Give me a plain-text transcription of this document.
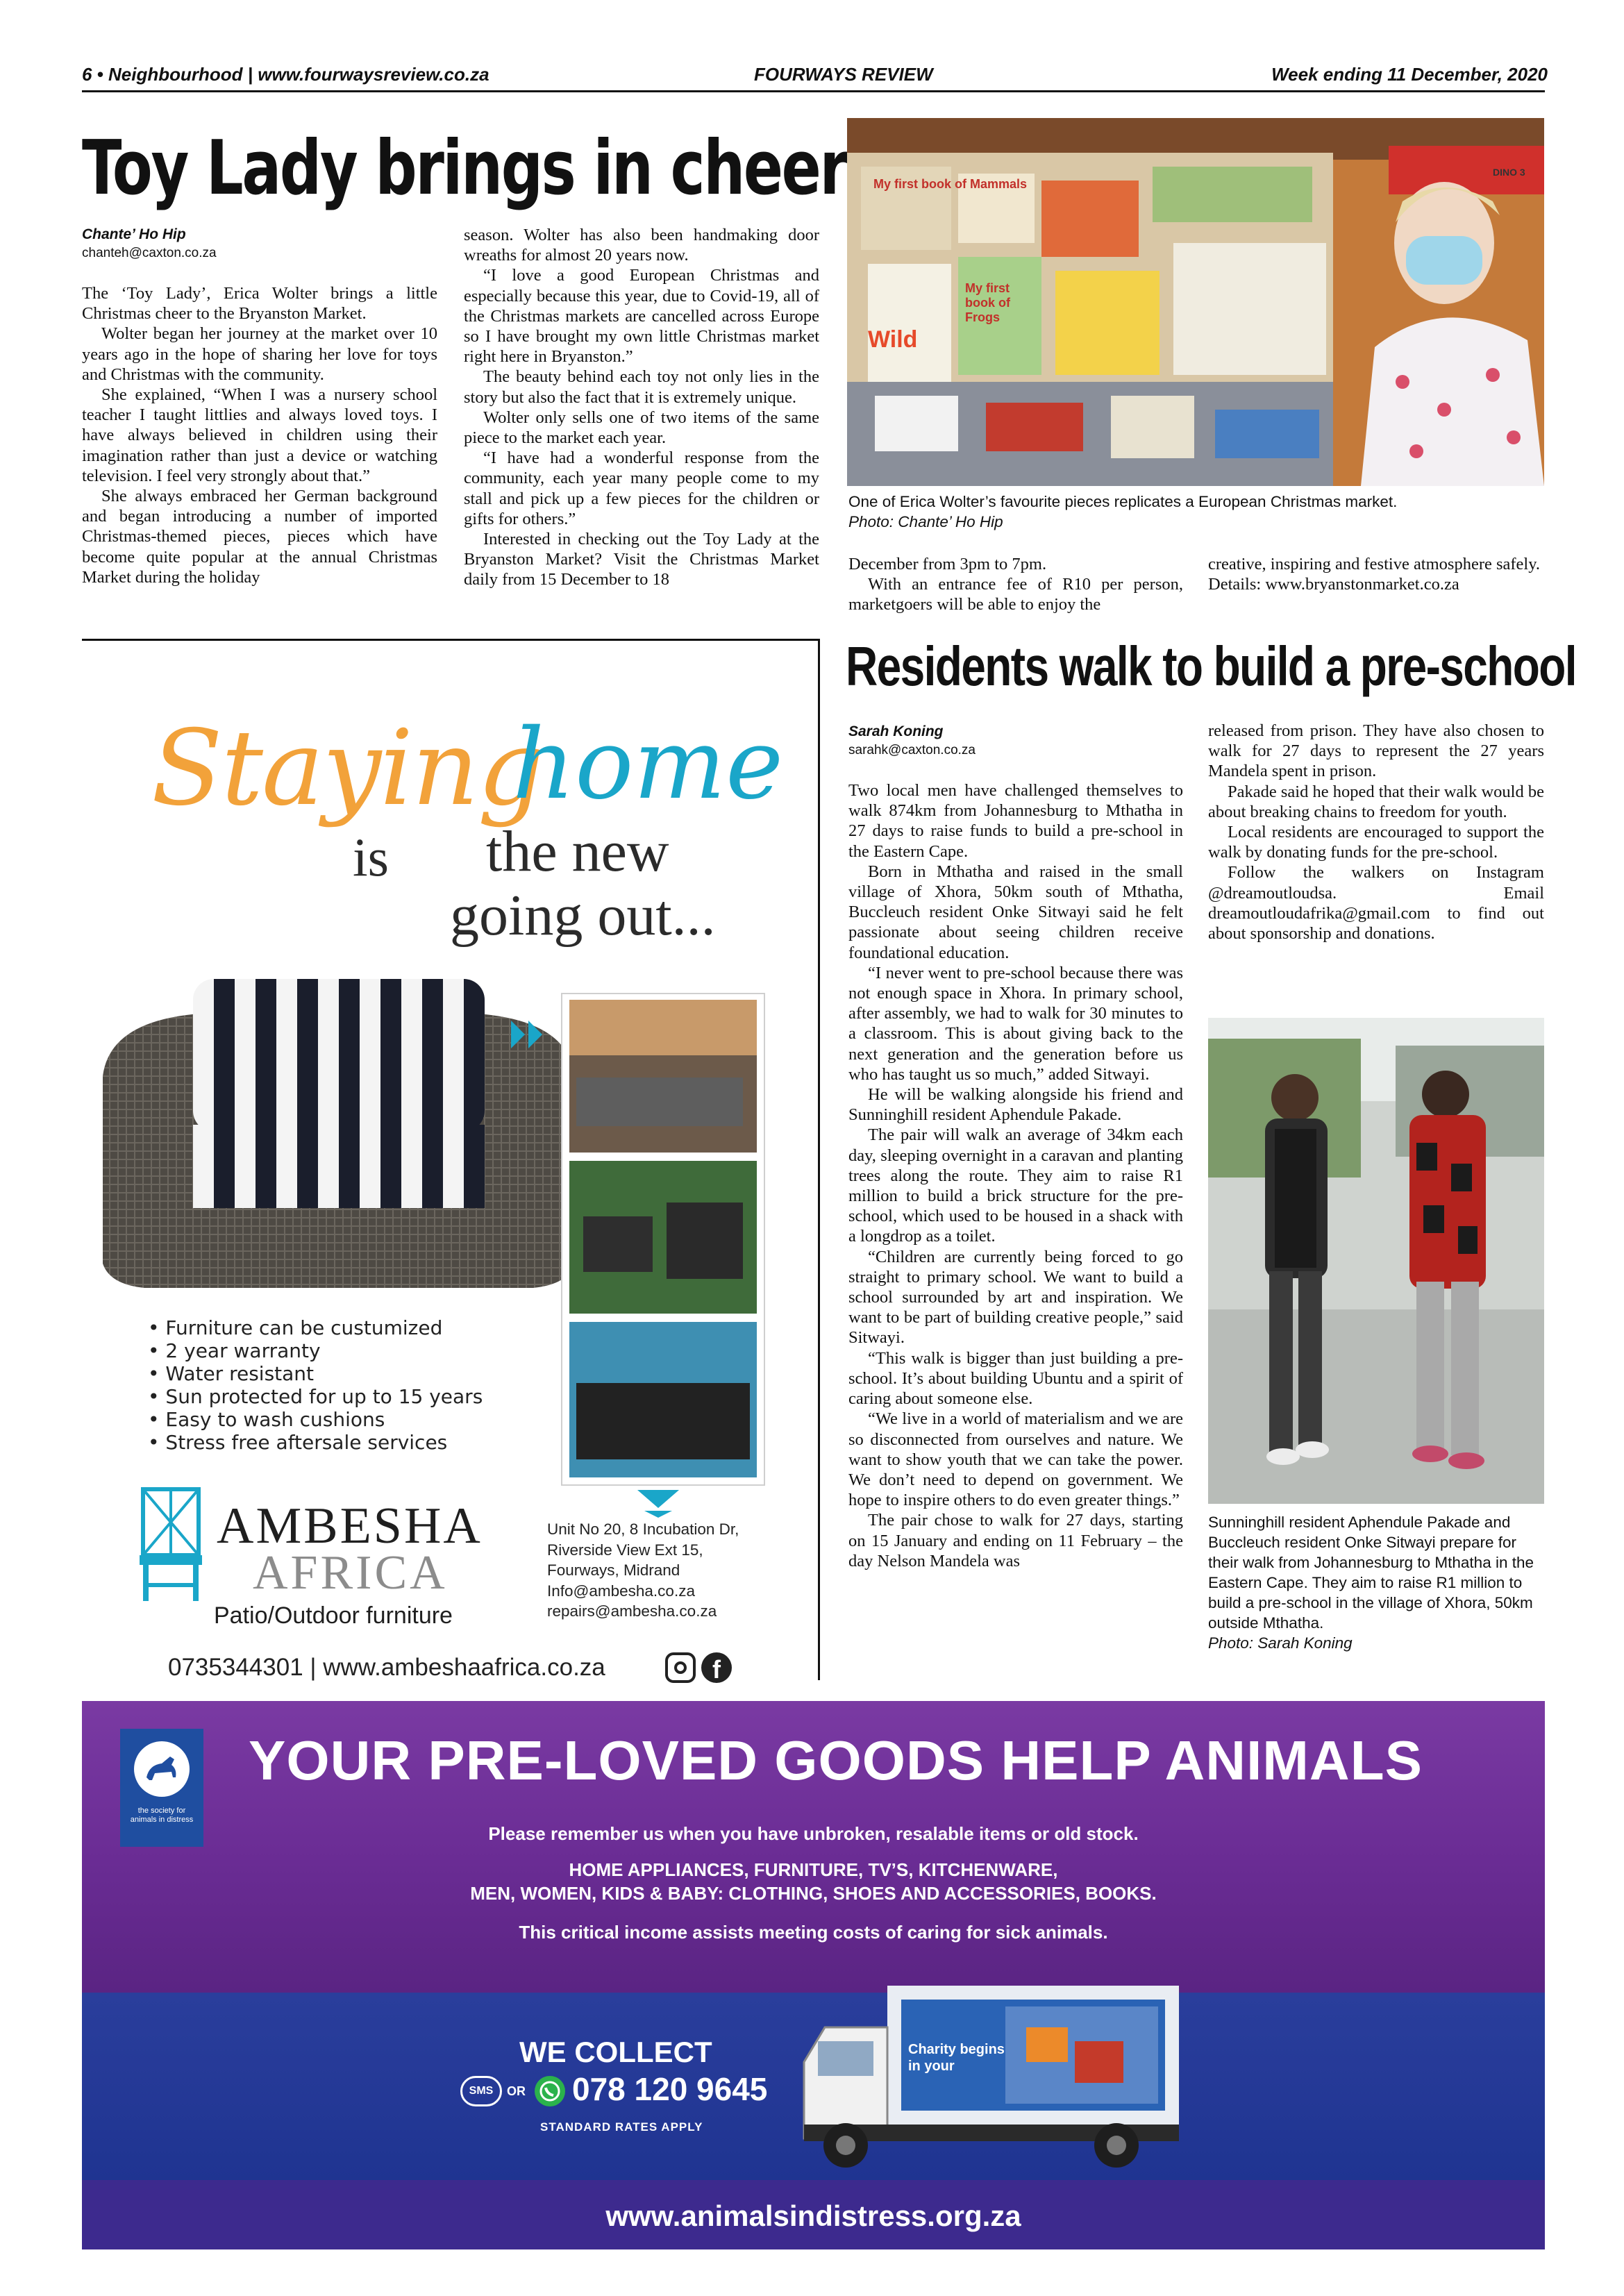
6 • Neighbourhood | www.fourwaysreview.co.za	FOURWAYS REVIEW	Week ending 11 December, 2020
Toy Lady brings in cheer
Chante’ Ho Hip
chanteh@caxton.co.za

The ‘Toy Lady’, Erica Wolter brings a little Christmas cheer to the Bryanston Market.

Wolter began her journey at the market over 10 years ago in the hope of sharing her love for toys and Christmas with the community.

She explained, “When I was a nursery school teacher I taught littlies and always loved toys. I have always believed in children using their imagination rather than just a device or watching television. I feel very strongly about that.”

She always embraced her German background and began introducing a number of imported Christmas-themed pieces, pieces which have become quite popular at the annual Christmas Market during the holiday

season. Wolter has also been handmaking door wreaths for almost 20 years now.

“I love a good European Christmas and especially because this year, due to Covid-19, all of the Christmas markets are cancelled across Europe so I have brought my own little Christmas market right here in Bryanston.”

The beauty behind each toy not only lies in the story but also the fact that it is extremely unique.

Wolter only sells one of two items of the same piece to the market each year.

“I have had a wonderful response from the community, each year many people come to my stall and pick up a few pieces for the children or gifts for others.”

Interested in checking out the Toy Lady at the Bryanston Market? Visit the Christmas Market daily from 15 December to 18

My first book of Mammals
My first book of Frogs
Wild
DINO 3
One of Erica Wolter’s favourite pieces replicates a European Christmas market.
Photo: Chante’ Ho Hip

December from 3pm to 7pm.

With an entrance fee of R10 per person, marketgoers will be able to enjoy the

creative, inspiring and festive atmosphere safely.

Details: www.bryanstonmarket.co.za

Residents walk to build a pre-school
Sarah Koning
sarahk@caxton.co.za

Two local men have challenged themselves to walk 874km from Johannesburg to Mthatha in 27 days to raise funds to build a pre-school in the Eastern Cape.

Born in Mthatha and raised in the small village of Xhora, 50km south of Mthatha, Buccleuch resident Onke Sitwayi said he felt passionate about seeing children receive foundational education.

“I never went to pre-school because there was not enough space in Xhora. In primary school, after assembly, we had to walk for 30 minutes to a classroom. This is about giving back to the next generation and the generation before us who has taught us so much,” added Sitwayi.

He will be walking alongside his friend and Sunninghill resident Aphendule Pakade.

The pair will walk an average of 34km each day, sleeping overnight in a caravan and planting trees along the route. They aim to raise R1 million to build a brick structure for the pre-school, which used to be housed in a shack with a longdrop as a toilet.

“Children are currently being forced to go straight to primary school. We want to build a school surrounded by art and inspiration. We want to be part of building creative people,” said Sitwayi.

“This walk is bigger than just building a pre-school. It’s about building Ubuntu and a spirit of caring about someone else.

“We live in a world of materialism and we are so disconnected from ourselves and nature. We want to show youth that we can take the power. We don’t need to depend on government. We hope to inspire others to do even greater things.”

The pair chose to walk for 27 days, starting on 15 January and ending on 11 February – the day Nelson Mandela was

released from prison. They have also chosen to walk for 27 days to represent the 27 years Mandela spent in prison.

Pakade said he hoped that their walk would be about breaking chains to freedom for youth.

Local residents are encouraged to support the walk by donating funds for the pre-school.

Follow the walkers on Instagram @dreamoutloudsa. Email dreamoutloudafrika@gmail.com to find out about sponsorship and donations.

Sunninghill resident Aphendule Pakade and Buccleuch resident Onke Sitwayi prepare for their walk from Johannesburg to Mthatha in the Eastern Cape. They aim to raise R1 million to build a pre-school in the village of Xhora, 50km outside Mthatha.
Photo: Sarah Koning
Staying
home
is the new
going out...
• Furniture can be custumized
• 2 year warranty
• Water resistant
• Sun protected for up to 15 years
• Easy to wash cushions
• Stress free aftersale services
AMBESHA
AFRICA
Patio/Outdoor furniture
Unit No 20, 8 Incubation Dr,
Riverside View Ext 15,
Fourways, Midrand
Info@ambesha.co.za
repairs@ambesha.co.za
0735344301 | www.ambeshaafrica.co.za	f
the society for animals in distress
YOUR PRE-LOVED GOODS HELP ANIMALS
Please remember us when you have unbroken, resalable items or old stock.
HOME APPLIANCES, FURNITURE, TV’S, KITCHENWARE,
MEN, WOMEN, KIDS & BABY: CLOTHING, SHOES AND ACCESSORIES, BOOKS.
This critical income assists meeting costs of caring for sick animals.
WE COLLECT
SMS	OR 078 120 9645
STANDARD RATES APPLY
Charity begins
in your
www.animalsindistress.org.za
